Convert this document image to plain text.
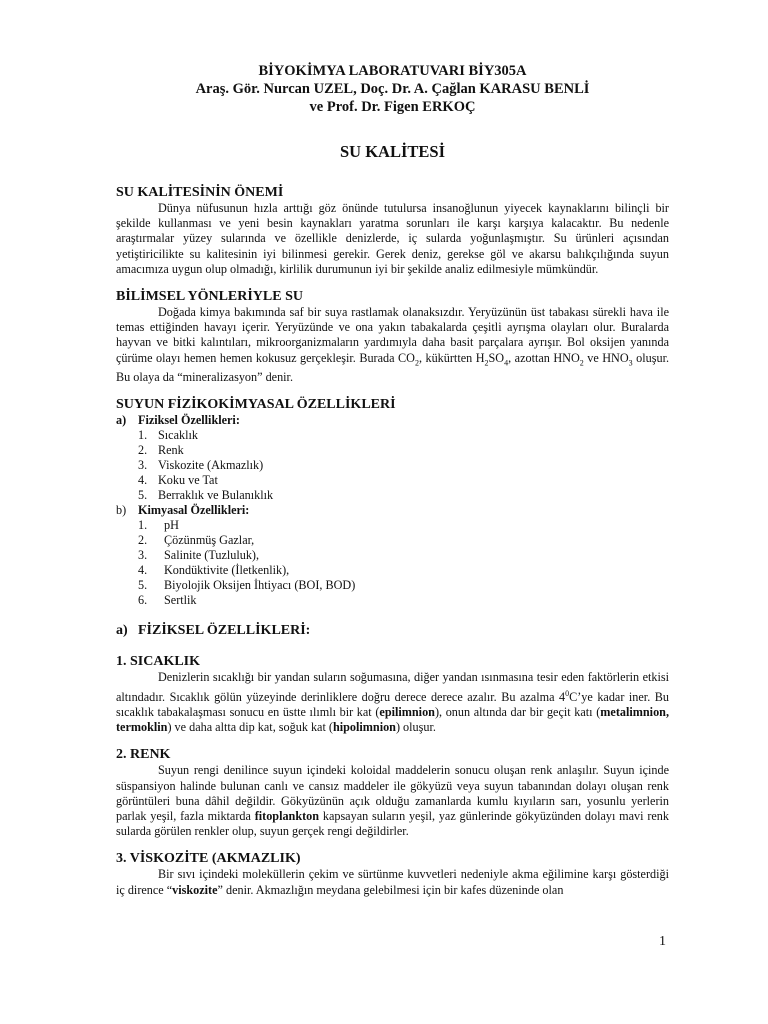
BİYOKİMYA LABORATUVARI BİY305A
Araş. Gör. Nurcan UZEL, Doç. Dr. A. Çağlan KARASU BENLİ
ve Prof. Dr. Figen ERKOÇ
SU KALİTESİ
SU KALİTESİNİN ÖNEMİ

Dünya nüfusunun hızla arttığı göz önünde tutulursa insanoğlunun yiyecek kaynaklarını bilinçli bir şekilde kullanması ve yeni besin kaynakları yaratma sorunları ile karşı karşıya kalacaktır. Bu nedenle araştırmalar yüzey sularında ve özellikle denizlerde, iç sularda yoğunlaşmıştır. Su ürünleri açısından yetiştiricilikte su kalitesinin iyi bilinmesi gerekir. Gerek deniz, gerekse göl ve akarsu balıkçılığında suyun amacımıza uygun olup olmadığı, kirlilik durumunun iyi bir şekilde analiz edilmesiyle mümkündür.

BİLİMSEL YÖNLERİYLE SU

Doğada kimya bakımında saf bir suya rastlamak olanaksızdır. Yeryüzünün üst tabakası sürekli hava ile temas ettiğinden havayı içerir. Yeryüzünde ve ona yakın tabakalarda çeşitli ayrışma olayları olur. Buralarda hayvan ve bitki kalıntıları, mikroorganizmaların yardımıyla daha basit parçalara ayrışır. Bol oksijen yanında çürüme olayı hemen hemen kokusuz gerçekleşir. Burada $CO_2$, kükürtten $H_2SO_4$, azottan $HNO_2$ ve $HNO_3$ oluşur. Bu olaya da “mineralizasyon” denir.

SUYUN FİZİKOKİMYASAL ÖZELLİKLERİ
a) Fiziksel Özellikleri:
1. Sıcaklık
2. Renk
3. Viskozite (Akmazlık)
4. Koku ve Tat
5. Berraklık ve Bulanıklık
b) Kimyasal Özellikleri:
1.	pH
2.	Çözünmüş Gazlar,
3.	Salinite (Tuzluluk),
4.	Kondüktivite (İletkenlik),
5.	Biyolojik Oksijen İhtiyacı (BOI, BOD)
6.	Sertlik
a) FİZİKSEL ÖZELLİKLERİ:
1. SICAKLIK

Denizlerin sıcaklığı bir yandan suların soğumasına, diğer yandan ısınmasına tesir eden faktörlerin etkisi altındadır. Sıcaklık gölün yüzeyinde derinliklere doğru derece derece azalır. Bu azalma $4^0C’ye$ kadar iner. Bu sıcaklık tabakalaşması sonucu en üstte ılımlı bir kat (epilimnion), onun altında dar bir geçit katı (metalimnion, termoklin) ve daha altta dip kat, soğuk kat (hipolimnion) oluşur.

2. RENK

Suyun rengi denilince suyun içindeki koloidal maddelerin sonucu oluşan renk anlaşılır. Suyun içinde süspansiyon halinde bulunan canlı ve cansız maddeler ile gökyüzü veya suyun tabanından dolayı oluşan renk görüntüleri buna dâhil değildir. Gökyüzünün açık olduğu zamanlarda kumlu kıyıların sarı, yosunlu yerlerin parlak yeşil, fazla miktarda fitoplankton kapsayan suların yeşil, yaz günlerinde gökyüzünden dolayı mavi renk sularda görülen renkler olup, suyun gerçek rengi değildirler.

3. VİSKOZİTE (AKMAZLIK)

Bir sıvı içindeki moleküllerin çekim ve sürtünme kuvvetleri nedeniyle akma eğilimine karşı gösterdiği iç dirence “viskozite” denir. Akmazlığın meydana gelebilmesi için bir kafes düzeninde olan

1
